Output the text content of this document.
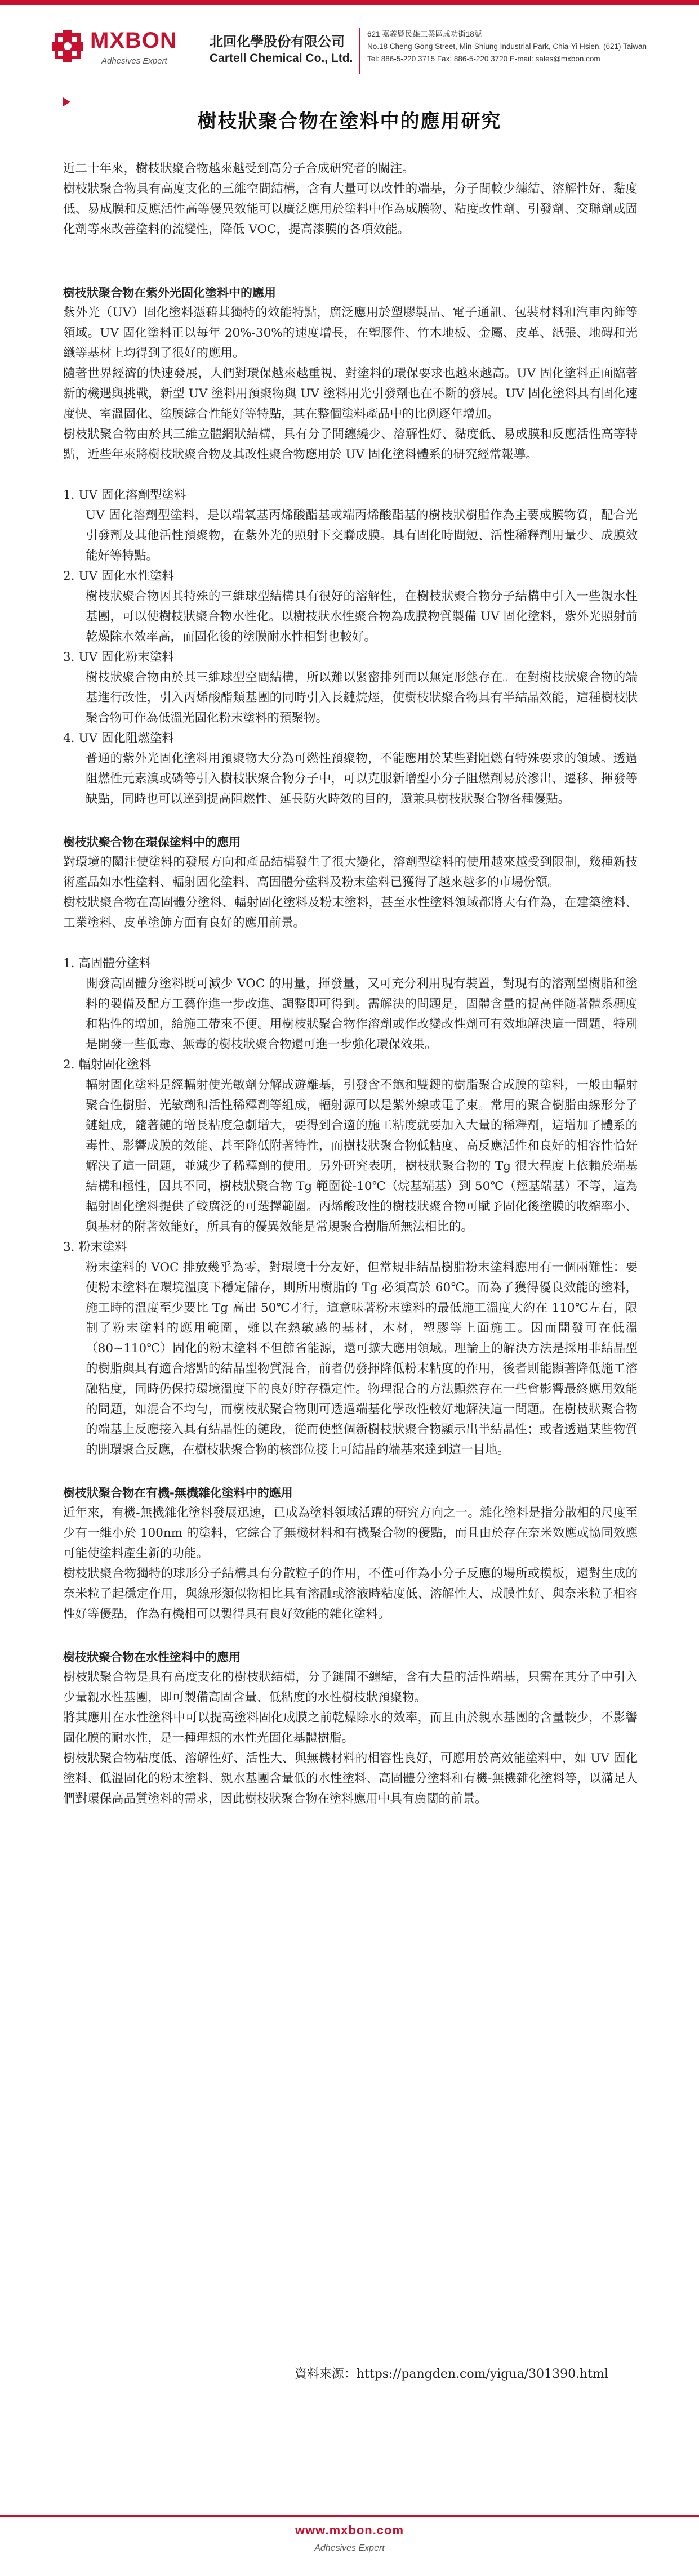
MXBON
Adhesives Expert
北回化學股份有限公司
Cartell Chemical Co., Ltd.
621 嘉義縣民雄工業區成功街18號
No.18 Cheng Gong Street, Min-Shiung Industrial Park, Chia-Yi Hsien, (621) Taiwan
Tel: 886-5-220 3715 Fax: 886-5-220 3720 E-mail: sales@mxbon.com
樹枝狀聚合物在塗料中的應用研究

近二十年來，樹枝狀聚合物越來越受到高分子合成研究者的關注。

樹枝狀聚合物具有高度支化的三維空間結構，含有大量可以改性的端基，分子間較少纏結、溶解性好、黏度低、易成膜和反應活性高等優異效能可以廣泛應用於塗料中作為成膜物、粘度改性劑、引發劑、交聯劑或固化劑等來改善塗料的流變性，降低 VOC，提高漆膜的各項效能。

樹枝狀聚合物在紫外光固化塗料中的應用

紫外光（UV）固化塗料憑藉其獨特的效能特點，廣泛應用於塑膠製品、電子通訊、包裝材料和汽車內飾等領域。UV 固化塗料正以每年 20%-30%的速度增長，在塑膠件、竹木地板、金屬、皮革、紙張、地磚和光纖等基材上均得到了很好的應用。

隨著世界經濟的快速發展，人們對環保越來越重視，對塗料的環保要求也越來越高。UV 固化塗料正面臨著新的機遇與挑戰，新型 UV 塗料用預聚物與 UV 塗料用光引發劑也在不斷的發展。UV 固化塗料具有固化速度快、室溫固化、塗膜綜合性能好等特點，其在整個塗料產品中的比例逐年增加。

樹枝狀聚合物由於其三維立體網狀結構，具有分子間纏繞少、溶解性好、黏度低、易成膜和反應活性高等特點，近些年來將樹枝狀聚合物及其改性聚合物應用於 UV 固化塗料體系的研究經常報導。

1. UV 固化溶劑型塗料

UV 固化溶劑型塗料，是以端氧基丙烯酸酯基或端丙烯酸酯基的樹枝狀樹脂作為主要成膜物質，配合光引發劑及其他活性預聚物，在紫外光的照射下交聯成膜。具有固化時間短、活性稀釋劑用量少、成膜效能好等特點。

2. UV 固化水性塗料

樹枝狀聚合物因其特殊的三維球型結構具有很好的溶解性，在樹枝狀聚合物分子結構中引入一些親水性基團，可以使樹枝狀聚合物水性化。以樹枝狀水性聚合物為成膜物質製備 UV 固化塗料，紫外光照射前乾燥除水效率高，而固化後的塗膜耐水性相對也較好。

3. UV 固化粉末塗料

樹枝狀聚合物由於其三維球型空間結構，所以難以緊密排列而以無定形態存在。在對樹枝狀聚合物的端基進行改性，引入丙烯酸酯類基團的同時引入長鏈烷烴，使樹枝狀聚合物具有半結晶效能，這種樹枝狀聚合物可作為低溫光固化粉末塗料的預聚物。

4. UV 固化阻燃塗料

普通的紫外光固化塗料用預聚物大分為可燃性預聚物，不能應用於某些對阻燃有特殊要求的領域。透過阻燃性元素溴或磷等引入樹枝狀聚合物分子中，可以克服新增型小分子阻燃劑易於滲出、遷移、揮發等缺點，同時也可以達到提高阻燃性、延長防火時效的目的，還兼具樹枝狀聚合物各種優點。

樹枝狀聚合物在環保塗料中的應用

對環境的關注使塗料的發展方向和產品結構發生了很大變化，溶劑型塗料的使用越來越受到限制，幾種新技術產品如水性塗料、輻射固化塗料、高固體分塗料及粉末塗料已獲得了越來越多的市場份額。

樹枝狀聚合物在高固體分塗料、輻射固化塗料及粉末塗料，甚至水性塗料領域都將大有作為，在建築塗料、工業塗料、皮革塗飾方面有良好的應用前景。

1. 高固體分塗料

開發高固體分塗料既可減少 VOC 的用量，揮發量，又可充分利用現有裝置，對現有的溶劑型樹脂和塗料的製備及配方工藝作進一步改進、調整即可得到。需解決的問題是，固體含量的提高伴隨著體系稠度和粘性的增加，給施工帶來不便。用樹枝狀聚合物作溶劑或作改變改性劑可有效地解決這一問題，特別是開發一些低毒、無毒的樹枝狀聚合物還可進一步強化環保效果。

2. 輻射固化塗料

輻射固化塗料是經輻射使光敏劑分解成遊離基，引發含不飽和雙鍵的樹脂聚合成膜的塗料，一般由輻射聚合性樹脂、光敏劑和活性稀釋劑等組成，輻射源可以是紫外線或電子束。常用的聚合樹脂由線形分子鏈組成，隨著鏈的增長粘度急劇增大，要得到合適的施工粘度就要加入大量的稀釋劑，這增加了體系的毒性、影響成膜的效能、甚至降低附著特性，而樹枝狀聚合物低粘度、高反應活性和良好的相容性恰好解決了這一問題，並減少了稀釋劑的使用。另外研究表明，樹枝狀聚合物的 Tg 很大程度上依賴於端基結構和極性，因其不同，樹枝狀聚合物 Tg 範圍從-10℃（烷基端基）到 50℃（羥基端基）不等，這為輻射固化塗料提供了較廣泛的可選擇範圍。丙烯酸改性的樹枝狀聚合物可賦予固化後塗膜的收縮率小、與基材的附著效能好，所具有的優異效能是常規聚合樹脂所無法相比的。

3. 粉末塗料

粉末塗料的 VOC 排放幾乎為零，對環境十分友好，但常規非結晶樹脂粉末塗料應用有一個兩難性：要使粉末塗料在環境溫度下穩定儲存，則所用樹脂的 Tg 必須高於 60℃。而為了獲得優良效能的塗料，施工時的溫度至少要比 Tg 高出 50℃才行，這意味著粉末塗料的最低施工溫度大約在 110℃左右，限制了粉末塗料的應用範圍，難以在熱敏感的基材，木材，塑膠等上面施工。因而開發可在低溫（80~110℃）固化的粉末塗料不但節省能源，還可擴大應用領域。理論上的解決方法是採用非結晶型的樹脂與具有適合熔點的結晶型物質混合，前者仍發揮降低粉末粘度的作用，後者則能顯著降低施工溶融粘度，同時仍保持環境溫度下的良好貯存穩定性。物理混合的方法顯然存在一些會影響最終應用效能的問題，如混合不均勻，而樹枝狀聚合物則可透過端基化學改性較好地解決這一問題。在樹枝狀聚合物的端基上反應接入具有結晶性的鏈段，從而使整個新樹枝狀聚合物顯示出半結晶性；或者透過某些物質的開環聚合反應，在樹枝狀聚合物的核部位接上可結晶的端基來達到這一目地。

樹枝狀聚合物在有機-無機雜化塗料中的應用

近年來，有機-無機雜化塗料發展迅速，已成為塗料領域活躍的研究方向之一。雜化塗料是指分散相的尺度至少有一維小於 100nm 的塗料，它綜合了無機材料和有機聚合物的優點，而且由於存在奈米效應或協同效應可能使塗料產生新的功能。

樹枝狀聚合物獨特的球形分子結構具有分散粒子的作用，不僅可作為小分子反應的場所或模板，還對生成的奈米粒子起穩定作用，與線形類似物相比具有溶融或溶液時粘度低、溶解性大、成膜性好、與奈米粒子相容性好等優點，作為有機相可以製得具有良好效能的雜化塗料。

樹枝狀聚合物在水性塗料中的應用

樹枝狀聚合物是具有高度支化的樹枝狀結構，分子鏈間不纏結，含有大量的活性端基，只需在其分子中引入少量親水性基團，即可製備高固含量、低粘度的水性樹枝狀預聚物。

將其應用在水性塗料中可以提高塗料固化成膜之前乾燥除水的效率，而且由於親水基團的含量較少，不影響固化膜的耐水性，是一種理想的水性光固化基體樹脂。

樹枝狀聚合物粘度低、溶解性好、活性大、與無機材料的相容性良好，可應用於高效能塗料中，如 UV 固化塗料、低溫固化的粉末塗料、親水基團含量低的水性塗料、高固體分塗料和有機-無機雜化塗料等，以滿足人們對環保高品質塗料的需求，因此樹枝狀聚合物在塗料應用中具有廣闊的前景。

資料來源：https://pangden.com/yigua/301390.html
www.mxbon.com
Adhesives Expert
